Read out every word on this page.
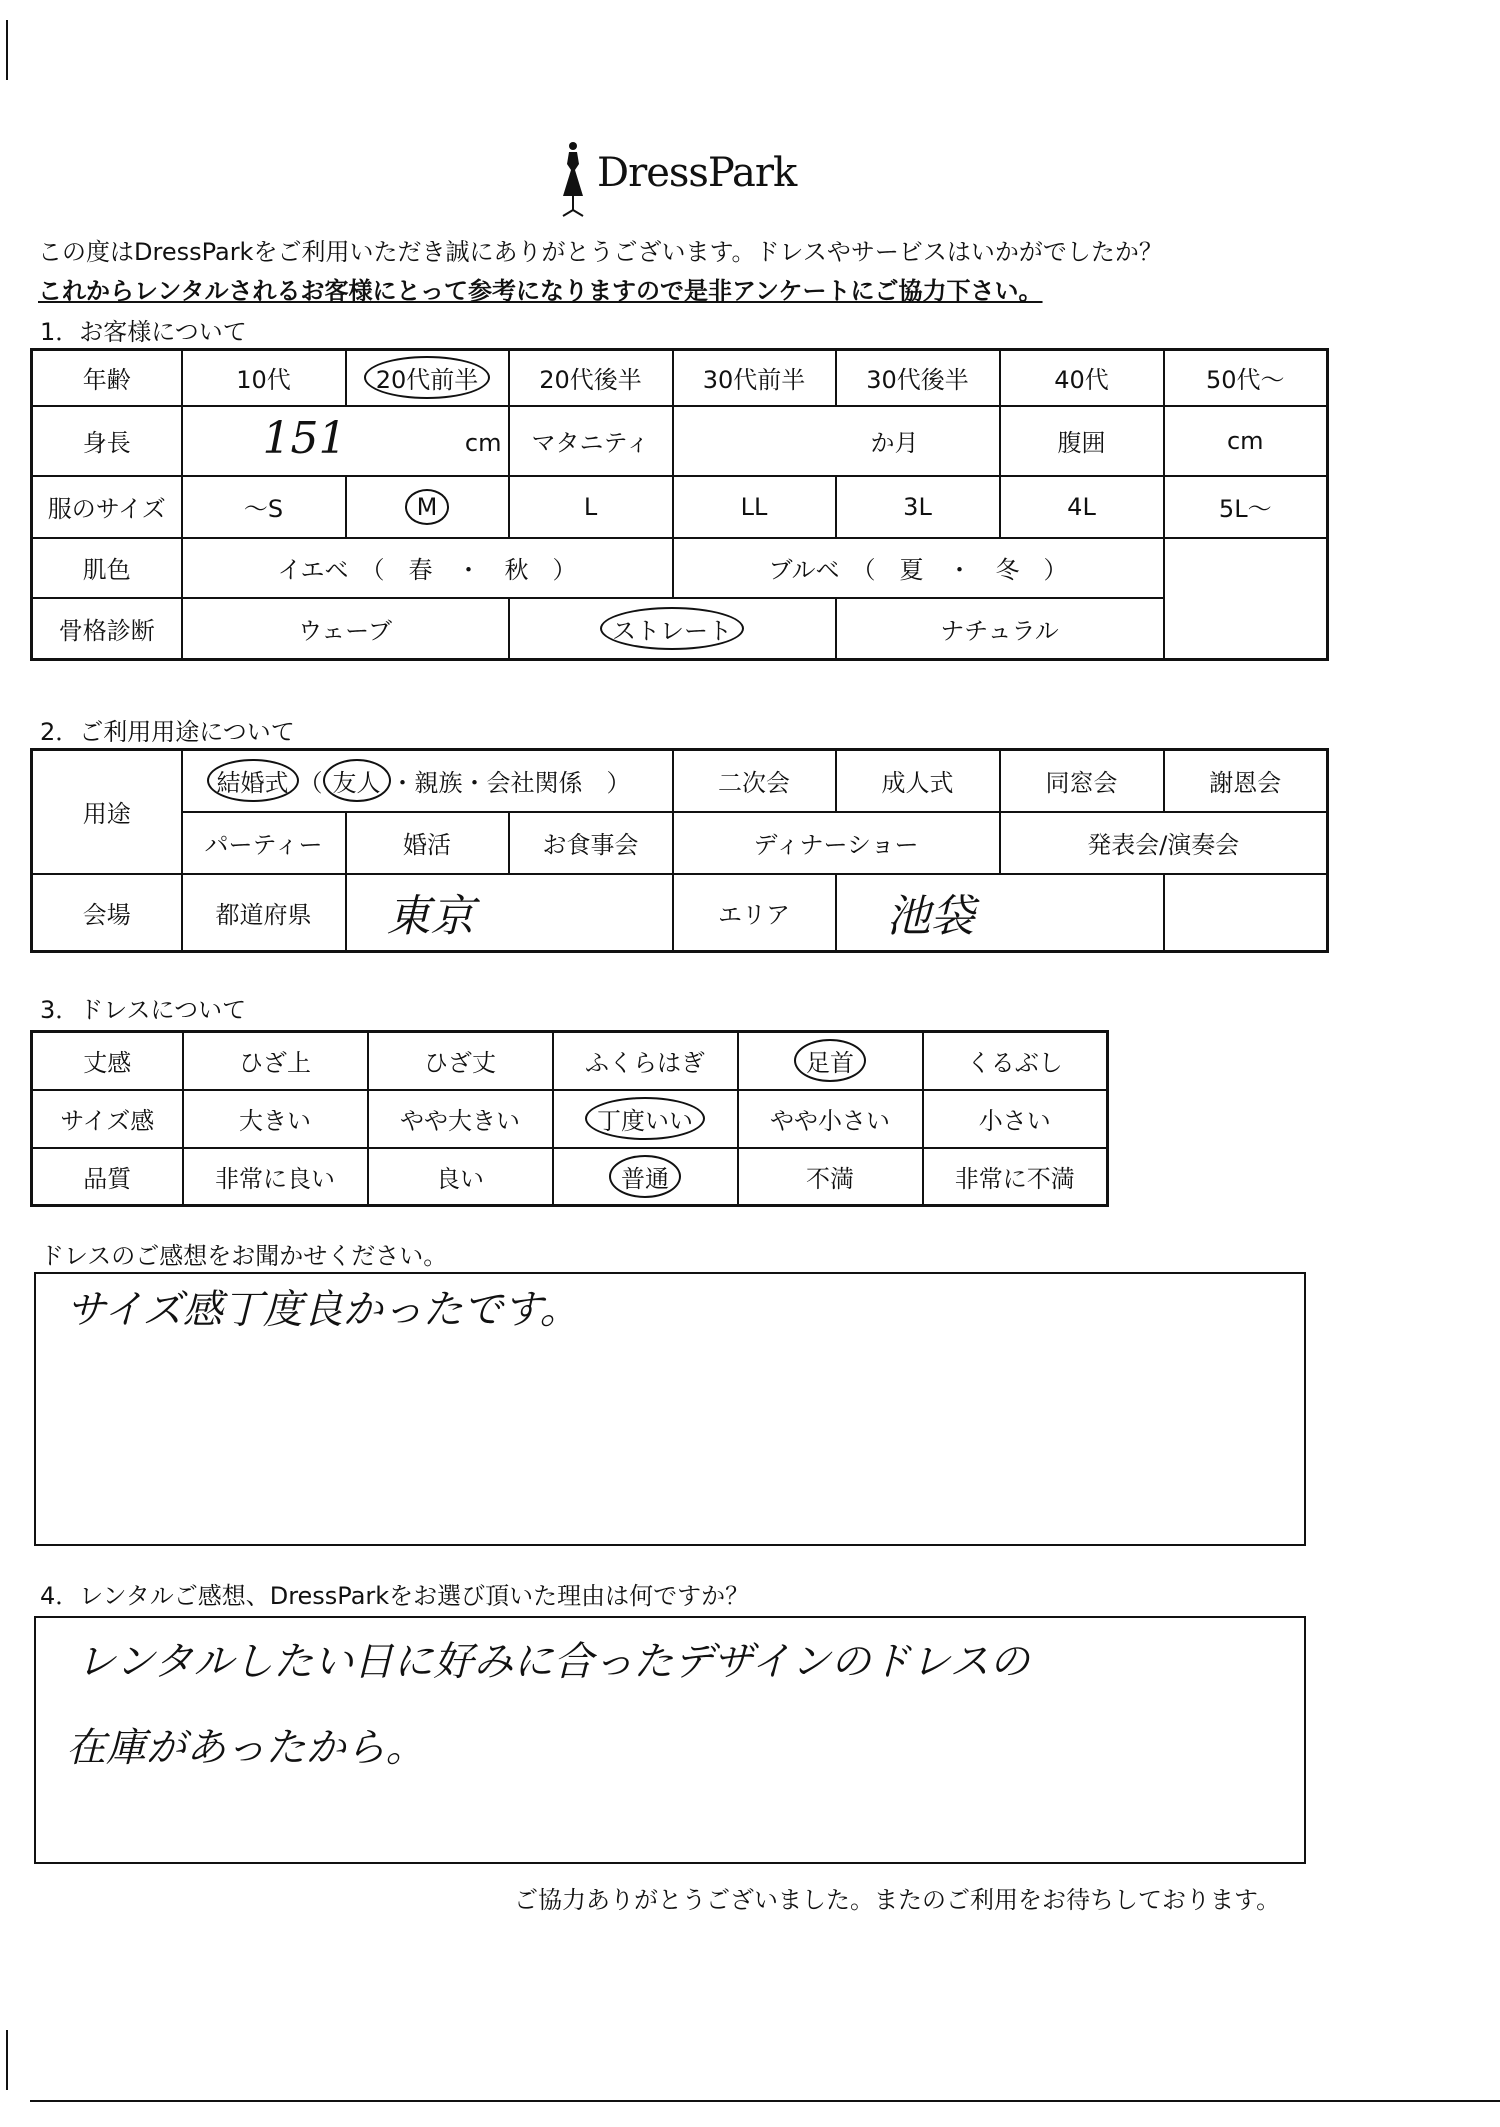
DressPark
この度はDressParkをご利用いただき誠にありがとうございます。ドレスやサービスはいかがでしたか？
これからレンタルされるお客様にとって参考になりますので是非アンケートにご協力下さい。
1．お客様について
年齢	10代	20代前半	20代後半	30代前半	30代後半	40代	50代～
身長	151 cm		マタニティ	か月		腹囲	cm
服のサイズ	～S	M	L	LL	3L	4L	5L～
肌色	イエベ　（　春　・　秋　）			ブルベ　（　夏　・　冬　）			
骨格診断	ウェーブ		ストレート		ナチュラル		
2．ご利用用途について
用途	結婚式 （ 友人 ・親族・会社関係　）			二次会	成人式	同窓会	謝恩会
	パーティー	婚活	お食事会	ディナーショー		発表会/演奏会	
会場	都道府県	東京		エリア	池袋		
3．ドレスについて
丈感	ひざ上	ひざ丈	ふくらはぎ	足首	くるぶし
サイズ感	大きい	やや大きい	丁度いい	やや小さい	小さい
品質	非常に良い	良い	普通	不満	非常に不満
ドレスのご感想をお聞かせください。
サイズ感丁度良かったです。
4．レンタルご感想、DressParkをお選び頂いた理由は何ですか？
レンタルしたい日に好みに合ったデザインのドレスの
在庫があったから。
ご協力ありがとうございました。またのご利用をお待ちしております。
